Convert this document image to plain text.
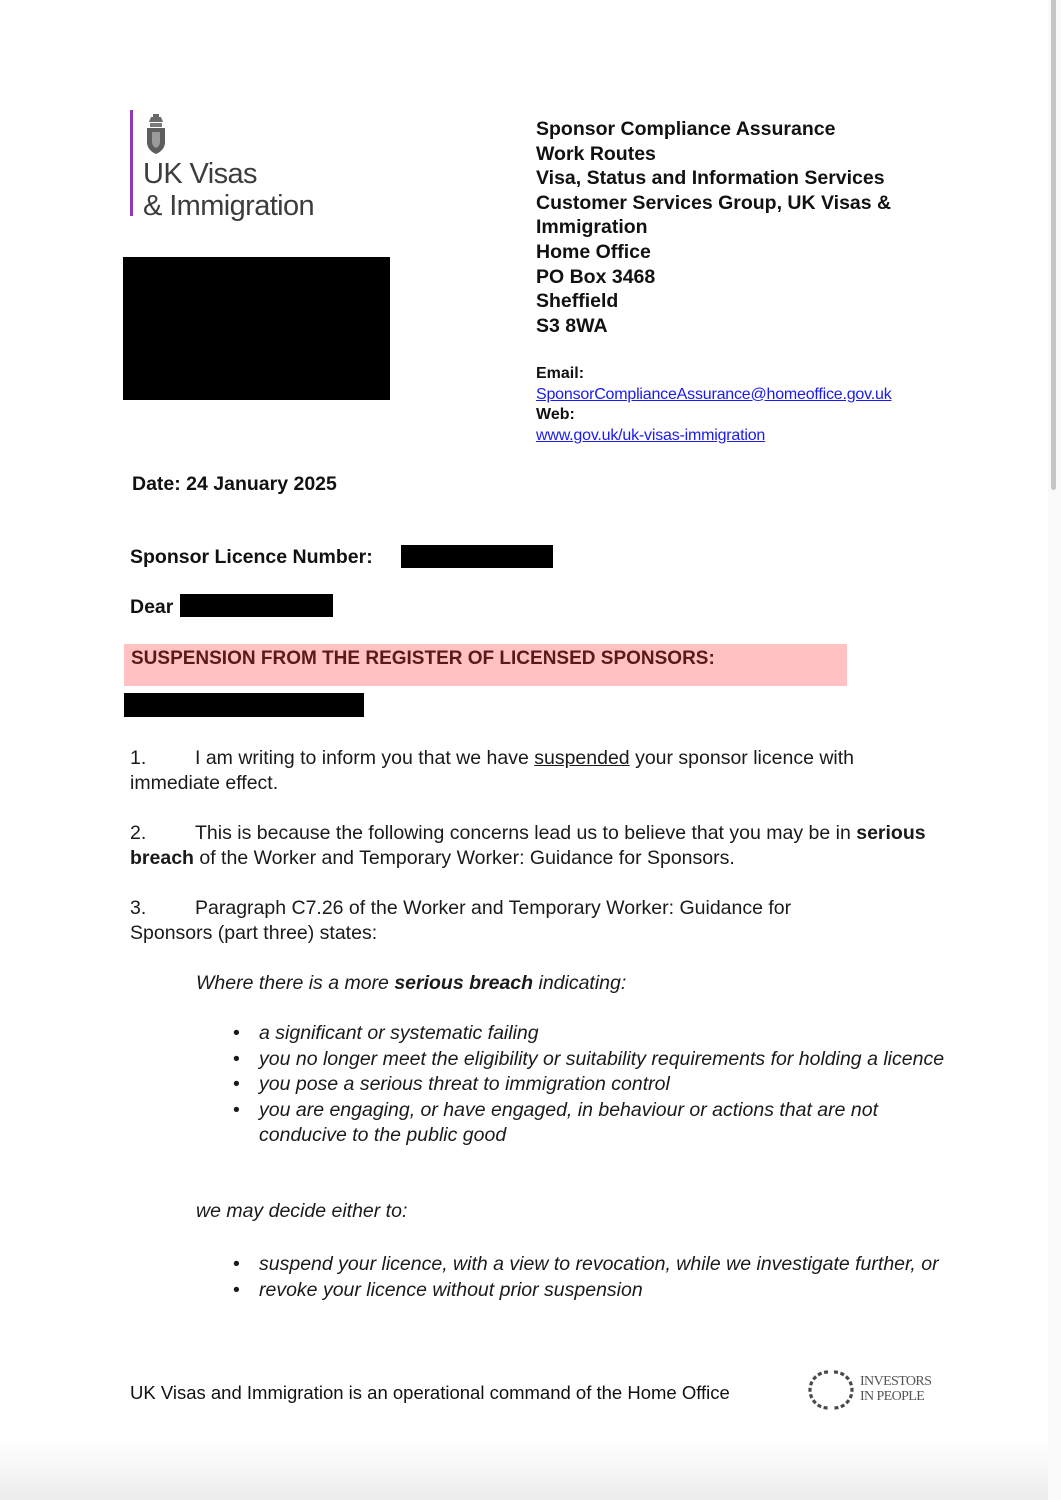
UK Visas
& Immigration
Sponsor Compliance Assurance
Work Routes
Visa, Status and Information Services
Customer Services Group, UK Visas &
Immigration
Home Office
PO Box 3468
Sheffield
S3 8WA
Email:
SponsorComplianceAssurance@homeoffice.gov.uk
Web:
www.gov.uk/uk-visas-immigration
Date: 24 January 2025
Sponsor Licence Number:
Dear
SUSPENSION FROM THE REGISTER OF LICENSED SPONSORS:
1. I am writing to inform you that we have suspended your sponsor licence with immediate effect.
2. This is because the following concerns lead us to believe that you may be in serious breach of the Worker and Temporary Worker: Guidance for Sponsors.
3. Paragraph C7.26 of the Worker and Temporary Worker: Guidance for Sponsors (part three) states:
Where there is a more serious breach indicating:
• a significant or systematic failing
• you no longer meet the eligibility or suitability requirements for holding a licence
• you pose a serious threat to immigration control
• you are engaging, or have engaged, in behaviour or actions that are not conducive to the public good
we may decide either to:
• suspend your licence, with a view to revocation, while we investigate further, or
• revoke your licence without prior suspension
UK Visas and Immigration is an operational command of the Home Office
INVESTORS
IN PEOPLE
